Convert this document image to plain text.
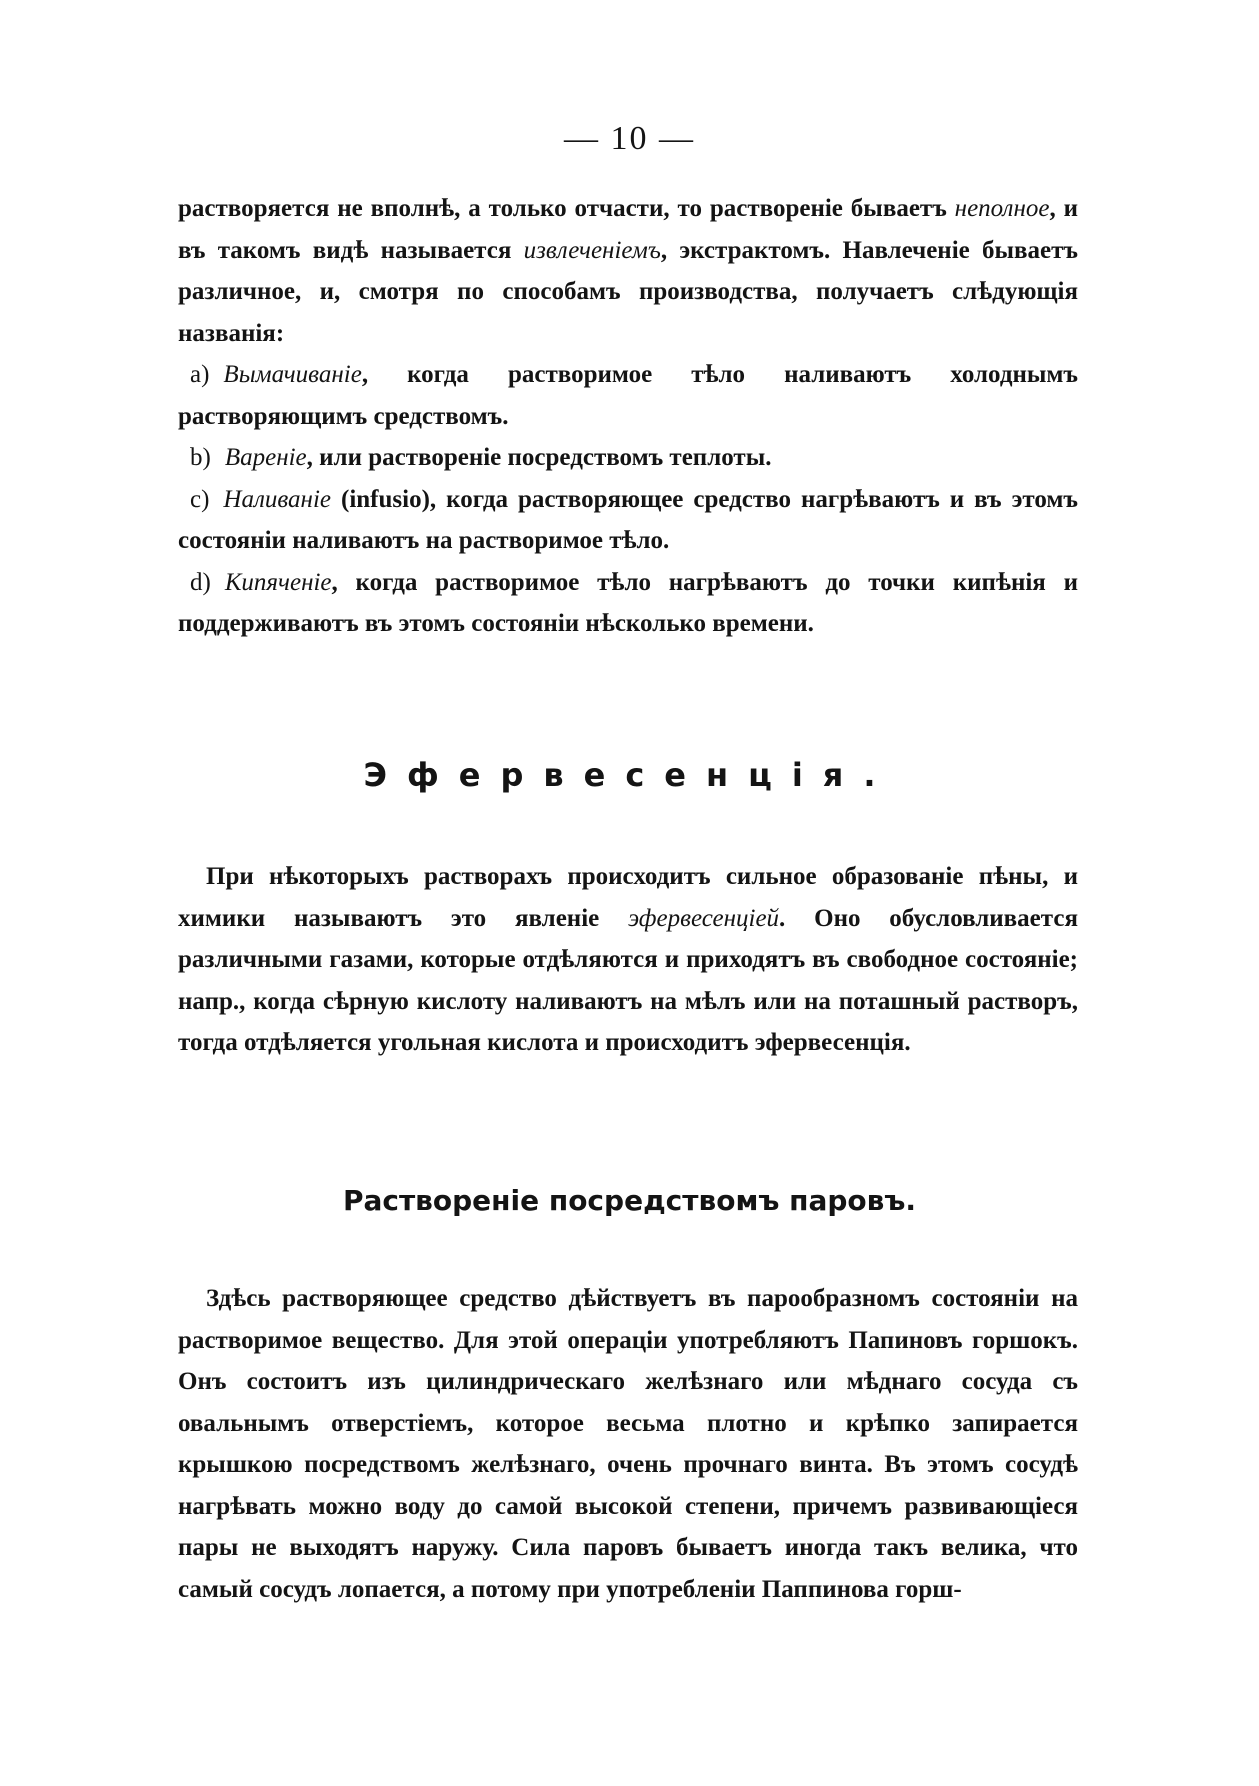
— 10 —

растворяется не вполнѣ, а только отчасти, то растворенiе бываетъ неполное, и въ такомъ видѣ называется извлеченiемъ, экстрактомъ. Навлеченiе бываетъ различное, и, смотря по способамъ производства, получаетъ слѣдующiя названiя:

a) Вымачиванiе, когда растворимое тѣло наливаютъ холоднымъ растворяющимъ средствомъ.

b) Варенiе, или растворенiе посредствомъ теплоты.

c) Наливанiе (infusio), когда растворяющее средство нагрѣваютъ и въ этомъ состоянiи наливаютъ на растворимое тѣло.

d) Кипяченiе, когда растворимое тѣло нагрѣваютъ до точки кипѣнiя и поддерживаютъ въ этомъ состоянiи нѣсколько времени.

Эфервесенцiя.

При нѣкоторыхъ растворахъ происходитъ сильное образованiе пѣны, и химики называютъ это явленiе эфервесенцiей. Оно обусловливается различными газами, которые отдѣляются и приходятъ въ свободное состоянiе; напр., когда сѣрную кислоту наливаютъ на мѣлъ или на поташный растворъ, тогда отдѣляется угольная кислота и происходитъ эфервесенцiя.

Растворенiе посредствомъ паровъ.

Здѣсь растворяющее средство дѣйствуетъ въ парообразномъ состоянiи на растворимое вещество. Для этой операцiи употребляютъ Папиновъ горшокъ. Онъ состоитъ изъ цилиндрическаго желѣзнаго или мѣднаго сосуда съ овальнымъ отверстiемъ, которое весьма плотно и крѣпко запирается крышкою посредствомъ желѣзнаго, очень прочнаго винта. Въ этомъ сосудѣ нагрѣвать можно воду до самой высокой степени, причемъ развивающiеся пары не выходятъ наружу. Сила паровъ бываетъ иногда такъ велика, что самый сосудъ лопается, а потому при употребленiи Паппинова горш-
